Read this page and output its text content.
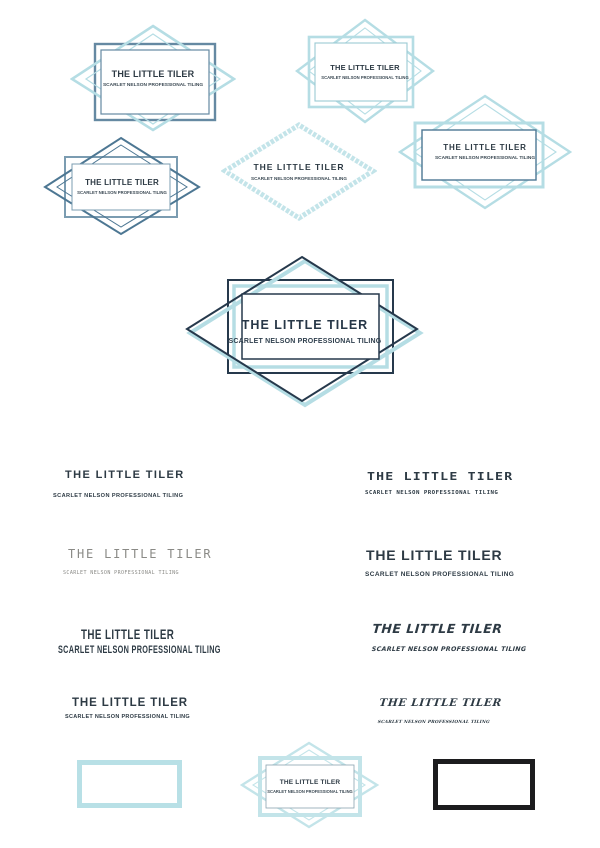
THE LITTLE TILER
SCARLET NELSON PROFESSIONAL TILING
THE LITTLE TILER
SCARLET NELSON PROFESSIONAL TILING
THE LITTLE TILER
SCARLET NELSON PROFESSIONAL TILING
THE LITTLE TILER
SCARLET NELSON PROFESSIONAL TILING
THE LITTLE TILER
SCARLET NELSON PROFESSIONAL TILING
THE LITTLE TILER
SCARLET NELSON PROFESSIONAL TILING
THE LITTLE TILER
SCARLET NELSON PROFESSIONAL TILING
THE LITTLE TILER
SCARLET NELSON PROFESSIONAL TILING
THE LITTLE TILER
SCARLET NELSON PROFESSIONAL TILING
THE LITTLE TILER
SCARLET NELSON PROFESSIONAL TILING
THE LITTLE TILER
SCARLET NELSON PROFESSIONAL TILING
THE LITTLE TILER
SCARLET NELSON PROFESSIONAL TILING
THE LITTLE TILER
SCARLET NELSON PROFESSIONAL TILING
THE LITTLE TILER
SCARLET NELSON PROFESSIONAL TILING
THE LITTLE TILER
SCARLET NELSON PROFESSIONAL TILING
